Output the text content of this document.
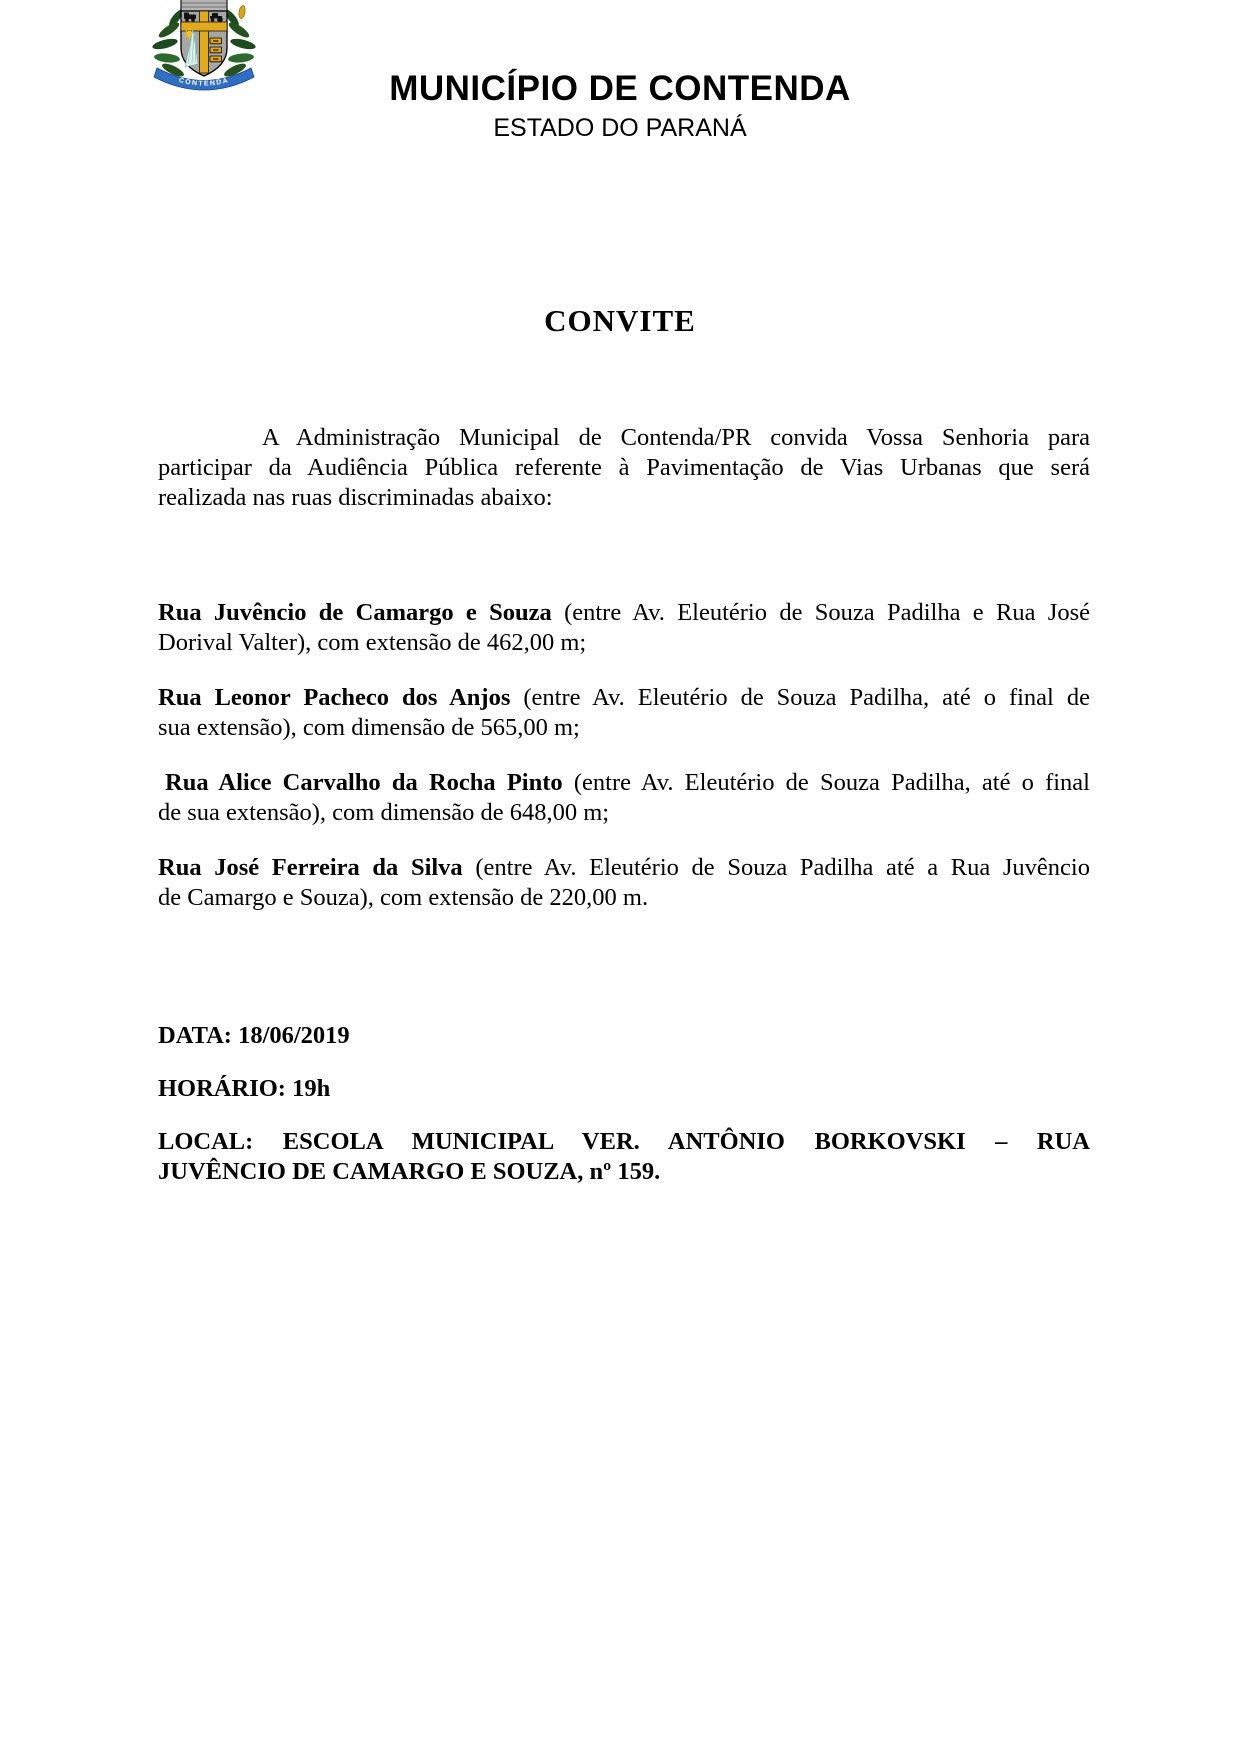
CONTENDA	MUNICÍPIO DE CONTENDA
ESTADO DO PARANÁ
CONVITE
A Administração Municipal de Contenda/PR convida Vossa Senhoria para
participar da Audiência Pública referente à Pavimentação de Vias Urbanas que será
realizada nas ruas discriminadas abaixo:
Rua Juvêncio de Camargo e Souza (entre Av. Eleutério de Souza Padilha e Rua José
Dorival Valter), com extensão de 462,00 m;
Rua Leonor Pacheco dos Anjos (entre Av. Eleutério de Souza Padilha, até o final de
sua extensão), com dimensão de 565,00 m;
Rua Alice Carvalho da Rocha Pinto (entre Av. Eleutério de Souza Padilha, até o final
de sua extensão), com dimensão de 648,00 m;
Rua José Ferreira da Silva (entre Av. Eleutério de Souza Padilha até a Rua Juvêncio
de Camargo e Souza), com extensão de 220,00 m.
DATA: 18/06/2019
HORÁRIO: 19h
LOCAL: ESCOLA MUNICIPAL VER. ANTÔNIO BORKOVSKI – RUA
JUVÊNCIO DE CAMARGO E SOUZA, nº 159.
